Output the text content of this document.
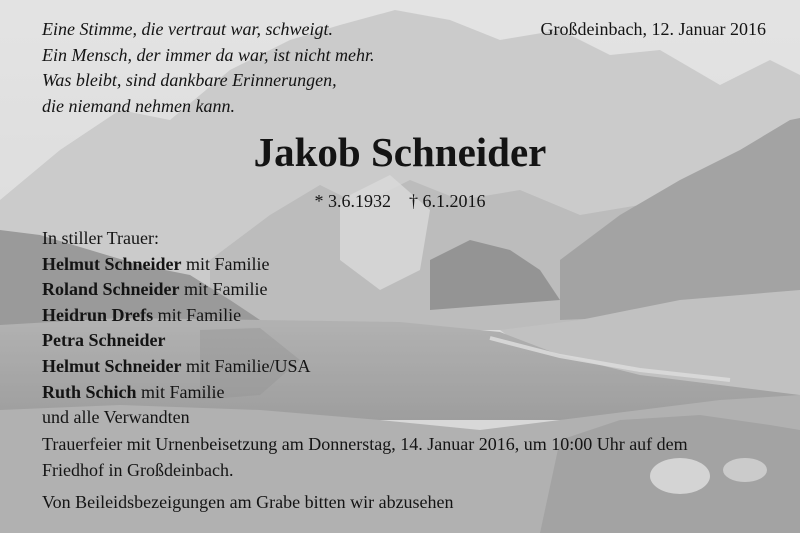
Eine Stimme, die vertraut war, schweigt.
Ein Mensch, der immer da war, ist nicht mehr.
Was bleibt, sind dankbare Erinnerungen,
die niemand nehmen kann.
Großdeinbach, 12. Januar 2016
Jakob Schneider
* 3.6.1932 † 6.1.2016
In stiller Trauer:
Helmut Schneider mit Familie
Roland Schneider mit Familie
Heidrun Drefs mit Familie
Petra Schneider
Helmut Schneider mit Familie/USA
Ruth Schich mit Familie
und alle Verwandten
Trauerfeier mit Urnenbeisetzung am Donnerstag, 14. Januar 2016, um 10:00 Uhr auf dem
Friedhof in Großdeinbach.
Von Beileidsbezeigungen am Grabe bitten wir abzusehen
